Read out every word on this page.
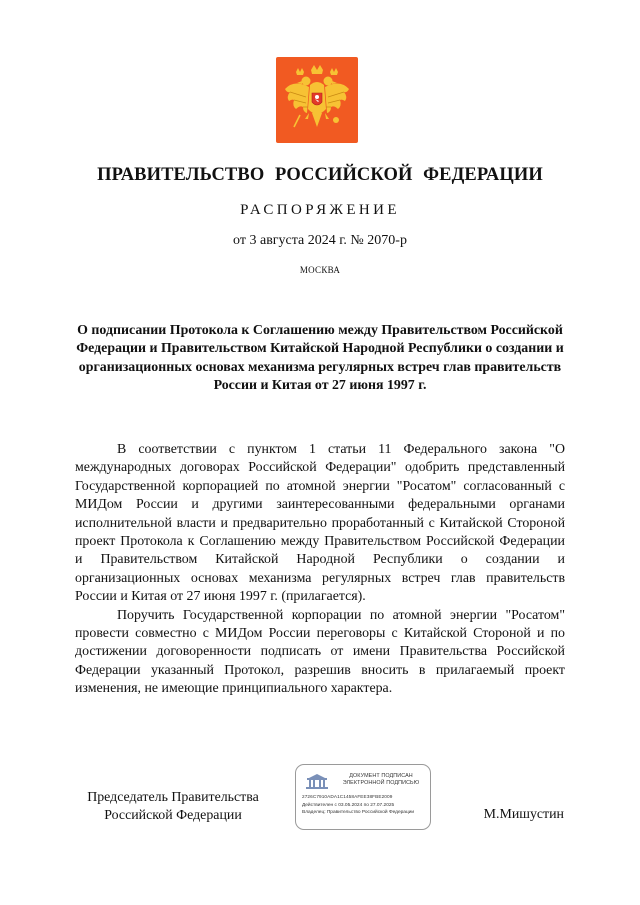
ПРАВИТЕЛЬСТВО РОССИЙСКОЙ ФЕДЕРАЦИИ
РАСПОРЯЖЕНИЕ
от 3 августа 2024 г. № 2070-р
МОСКВА
О подписании Протокола к Соглашению между Правительством Российской Федерации и Правительством Китайской Народной Республики о создании и организационных основах механизма регулярных встреч глав правительств России и Китая от 27 июня 1997 г.

В соответствии с пунктом 1 статьи 11 Федерального закона "О международных договорах Российской Федерации" одобрить представленный Государственной корпорацией по атомной энергии "Росатом" согласованный с МИДом России и другими заинтересованными федеральными органами исполнительной власти и предварительно проработанный с Китайской Стороной проект Протокола к Соглашению между Правительством Российской Федерации и Правительством Китайской Народной Республики о создании и организационных основах механизма регулярных встреч глав правительств России и Китая от 27 июня 1997 г. (прилагается).

Поручить Государственной корпорации по атомной энергии "Росатом" провести совместно с МИДом России переговоры с Китайской Стороной и по достижении договоренности подписать от имени Правительства Российской Федерации указанный Протокол, разрешив вносить в прилагаемый проект изменения, не имеющие принципиального характера.

Председатель Правительства
Российской Федерации
ДОКУМЕНТ ПОДПИСАН
ЭЛЕКТРОННОЙ ПОДПИСЬЮ
2726C7910ADA1C1458AFEE38FBE2009
Действителен с 03.05.2024 по 27.07.2025
Владелец: Правительство Российской Федерации	М.Мишустин
